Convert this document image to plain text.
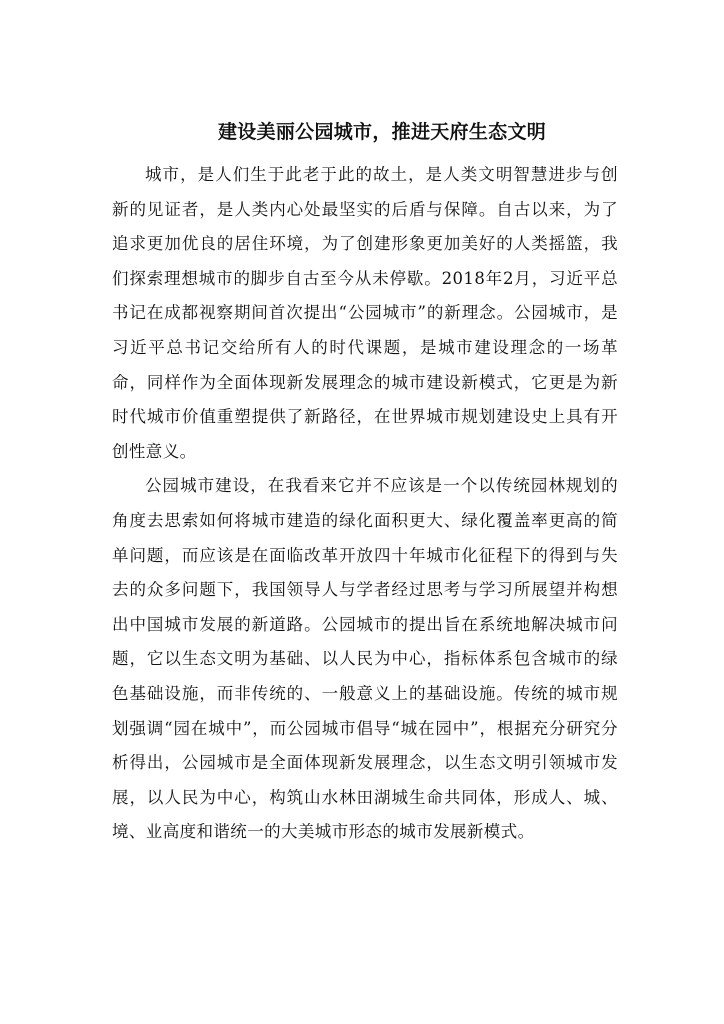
建设美丽公园城市，推进天府生态文明

城市，是人们生于此老于此的故土，是人类文明智慧进步与创新的见证者，是人类内心处最坚实的后盾与保障。自古以来，为了追求更加优良的居住环境，为了创建形象更加美好的人类摇篮，我们探索理想城市的脚步自古至今从未停歇。2018年2月，习近平总书记在成都视察期间首次提出“公园城市”的新理念。公园城市，是习近平总书记交给所有人的时代课题，是城市建设理念的一场革命，同样作为全面体现新发展理念的城市建设新模式，它更是为新时代城市价值重塑提供了新路径，在世界城市规划建设史上具有开创性意义。

公园城市建设，在我看来它并不应该是一个以传统园林规划的角度去思索如何将城市建造的绿化面积更大、绿化覆盖率更高的简单问题，而应该是在面临改革开放四十年城市化征程下的得到与失去的众多问题下，我国领导人与学者经过思考与学习所展望并构想出中国城市发展的新道路。公园城市的提出旨在系统地解决城市问题，它以生态文明为基础、以人民为中心，指标体系包含城市的绿色基础设施，而非传统的、一般意义上的基础设施。传统的城市规划强调“园在城中”，而公园城市倡导“城在园中”，根据充分研究分析得出，公园城市是全面体现新发展理念，以生态文明引领城市发展，以人民为中心，构筑山水林田湖城生命共同体，形成人、城、境、业高度和谐统一的大美城市形态的城市发展新模式。
